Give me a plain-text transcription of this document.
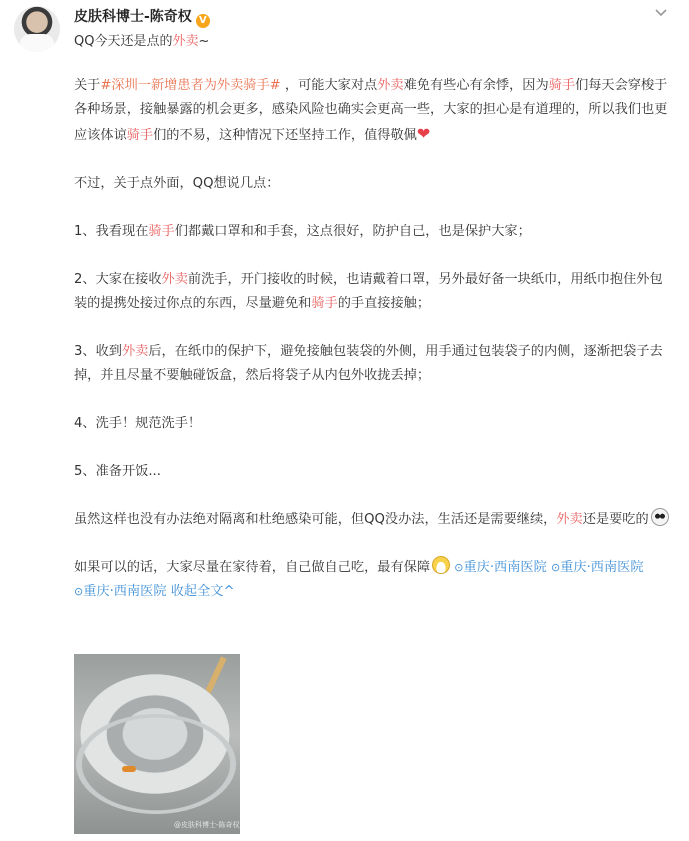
皮肤科博士-陈奇权 V
QQ今天还是点的外卖~

关于#深圳一新增患者为外卖骑手# ，可能大家对点外卖难免有些心有余悸，因为骑手们每天会穿梭于各种场景，接触暴露的机会更多，感染风险也确实会更高一些，大家的担心是有道理的，所以我们也更应该体谅骑手们的不易，这种情况下还坚持工作，值得敬佩❤

不过，关于点外面，QQ想说几点：

1、我看现在骑手们都戴口罩和和手套，这点很好，防护自己，也是保护大家；

2、大家在接收外卖前洗手，开门接收的时候，也请戴着口罩，另外最好备一块纸巾，用纸巾抱住外包装的提携处接过你点的东西，尽量避免和骑手的手直接接触；

3、收到外卖后，在纸巾的保护下，避免接触包装袋的外侧，用手通过包装袋子的内侧，逐渐把袋子去掉，并且尽量不要触碰饭盒，然后将袋子从内包外收拢丢掉；

4、洗手！规范洗手！

5、准备开饭...

虽然这样也没有办法绝对隔离和杜绝感染可能，但QQ没办法，生活还是需要继续，外卖还是要吃的

如果可以的话，大家尽量在家待着，自己做自己吃，最有保障 ⊙重庆·西南医院 ⊙重庆·西南医院 ⊙重庆·西南医院 收起全文^

@皮肤科博士-陈奇权
